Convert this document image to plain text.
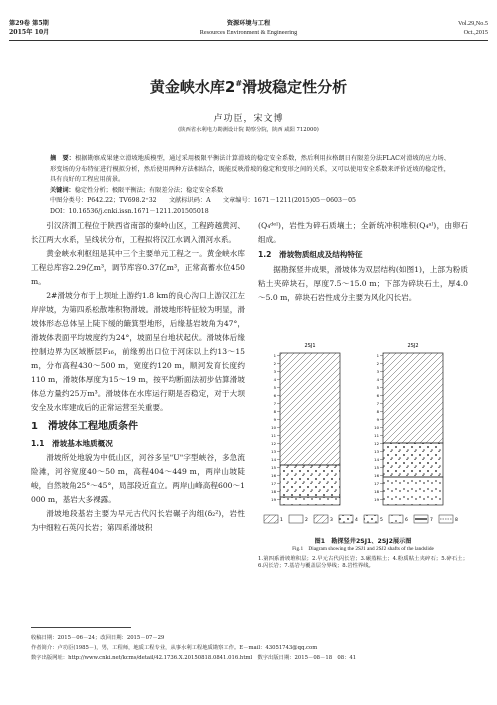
第29卷 第5期
2015年 10月
资源环境与工程
Resources Environment & Engineering
Vol.29,No.5
Oct.,2015
黄金峡水库2#滑坡稳定性分析
卢功臣，宋文博
(陕西省水利电力勘测设计院 勘察分院，陕西 咸阳 712000)
摘　要：根据勘察成果建立滑坡地质模型，通过采用极限平衡法计算滑坡的稳定安全系数，然后利用拉格朗日有限差分法FLAC对滑坡的应力场、形变场的分布特征进行模拟分析，然后使用两种方法相结合，既能反映滑坡的稳定和变形之间的关系，又可以使用安全系数来评价近坡的稳定性，具有良好的工程应用前景。
关键词：稳定性分析；极限平衡法；有限差分法；稳定安全系数
中图分类号：P642.22；TV698.2⁺32　　文献标识码：A　　文章编号：1671－1211(2015)05－0603－05
DOI：10.16536/j.cnki.issn.1671－1211.201505018

引汉济渭工程位于陕西省南部的秦岭山区，工程跨越黄河、长江两大水系，呈线状分布，工程拟将汉江水调入渭河水系。

黄金峡水利枢纽是其中三个主要单元工程之一。黄金峡水库工程总库容2.29亿m³，调节库容0.37亿m³，正常高蓄水位450 m。

2#滑坡分布于上坝址上游约1.8 km的良心沟口上游汉江左岸岸坡，为第四系松散堆积物滑坡。滑坡地形特征较为明显，滑坡体形态总体呈上陡下缓的簸箕型地形，后缘基岩坡角为47°，滑坡体表面平均坡度约为24°，坡面呈台地状起伏。滑坡体后缘控制边界为区域断层F₁₆，前缘剪出口位于河床以上约13～15 m，分布高程430～500 m，宽度约120 m，顺河发育长度约110 m，滑坡体厚度为15～19 m，按平均断面法初步估算滑坡体总方量约25万m³。滑坡体在水库运行期是否稳定，对于大坝安全及水库建成后的正常运营至关重要。

1　滑坡体工程地质条件
1.1　滑坡基本地质概况

滑坡所处地貌为中低山区，河谷多呈"U"字型峡谷，多急流险滩，河谷宽度40～50 m，高程404～449 m，两岸山坡陡峻，自然坡角25°～45°，局部段近直立。两岸山峰高程600～1 000 m，基岩大多裸露。

滑坡地段基岩主要为早元古代闪长岩碾子沟组(δ₂²)，岩性为中细粒石英闪长岩；第四系滑坡积

(Q₄ᵈᵉˡ)，岩性为碎石质壤土；全新统冲积堆积(Q₄ᵃˡ)，由卵石组成。

1.2　滑坡物质组成及结构特征

据勘探竖井成果，滑坡体为双层结构(如图1)，上部为粉质粘土夹碎块石，厚度7.5～15.0 m；下部为碎块石土，厚4.0～5.0 m，碎块石岩性成分主要为风化闪长岩。

2SJ1	2SJ2
1
2
3
4
5
6
7
8
9
10
11
12
13
14
15
16
17
18
19
1
2
3
4
5
6
7
8
9
10
11
12
13
14
15
16
17
18
19
1	2	3	4	5	6	7	8
图1　勘探竖井2SJ1、2SJ2展示图
Fig.1　Diagram showing the 2SJ1 and 2SJ2 shafts of the landslide
1.第四系滑坡堆积层；2.早元古代闪长岩；3.碾蒸粘土；4.粉质粘土夹碎石；5.碎石土；6.闪长岩；7.基岩与覆盖层分界线；8.岩性界线。
收稿日期：2015－06－24；改回日期：2015－07－29
作者简介：卢功臣(1985－)，男，工程师，地质工程专业，从事水利工程地质勘察工作。E－mail：43051743@qq.com
数字出版网址：http://www.cnki.net/kcms/detail/42.1736.X.20150818.0841.016.html　数字出版日期：2015－08－18　08：41
